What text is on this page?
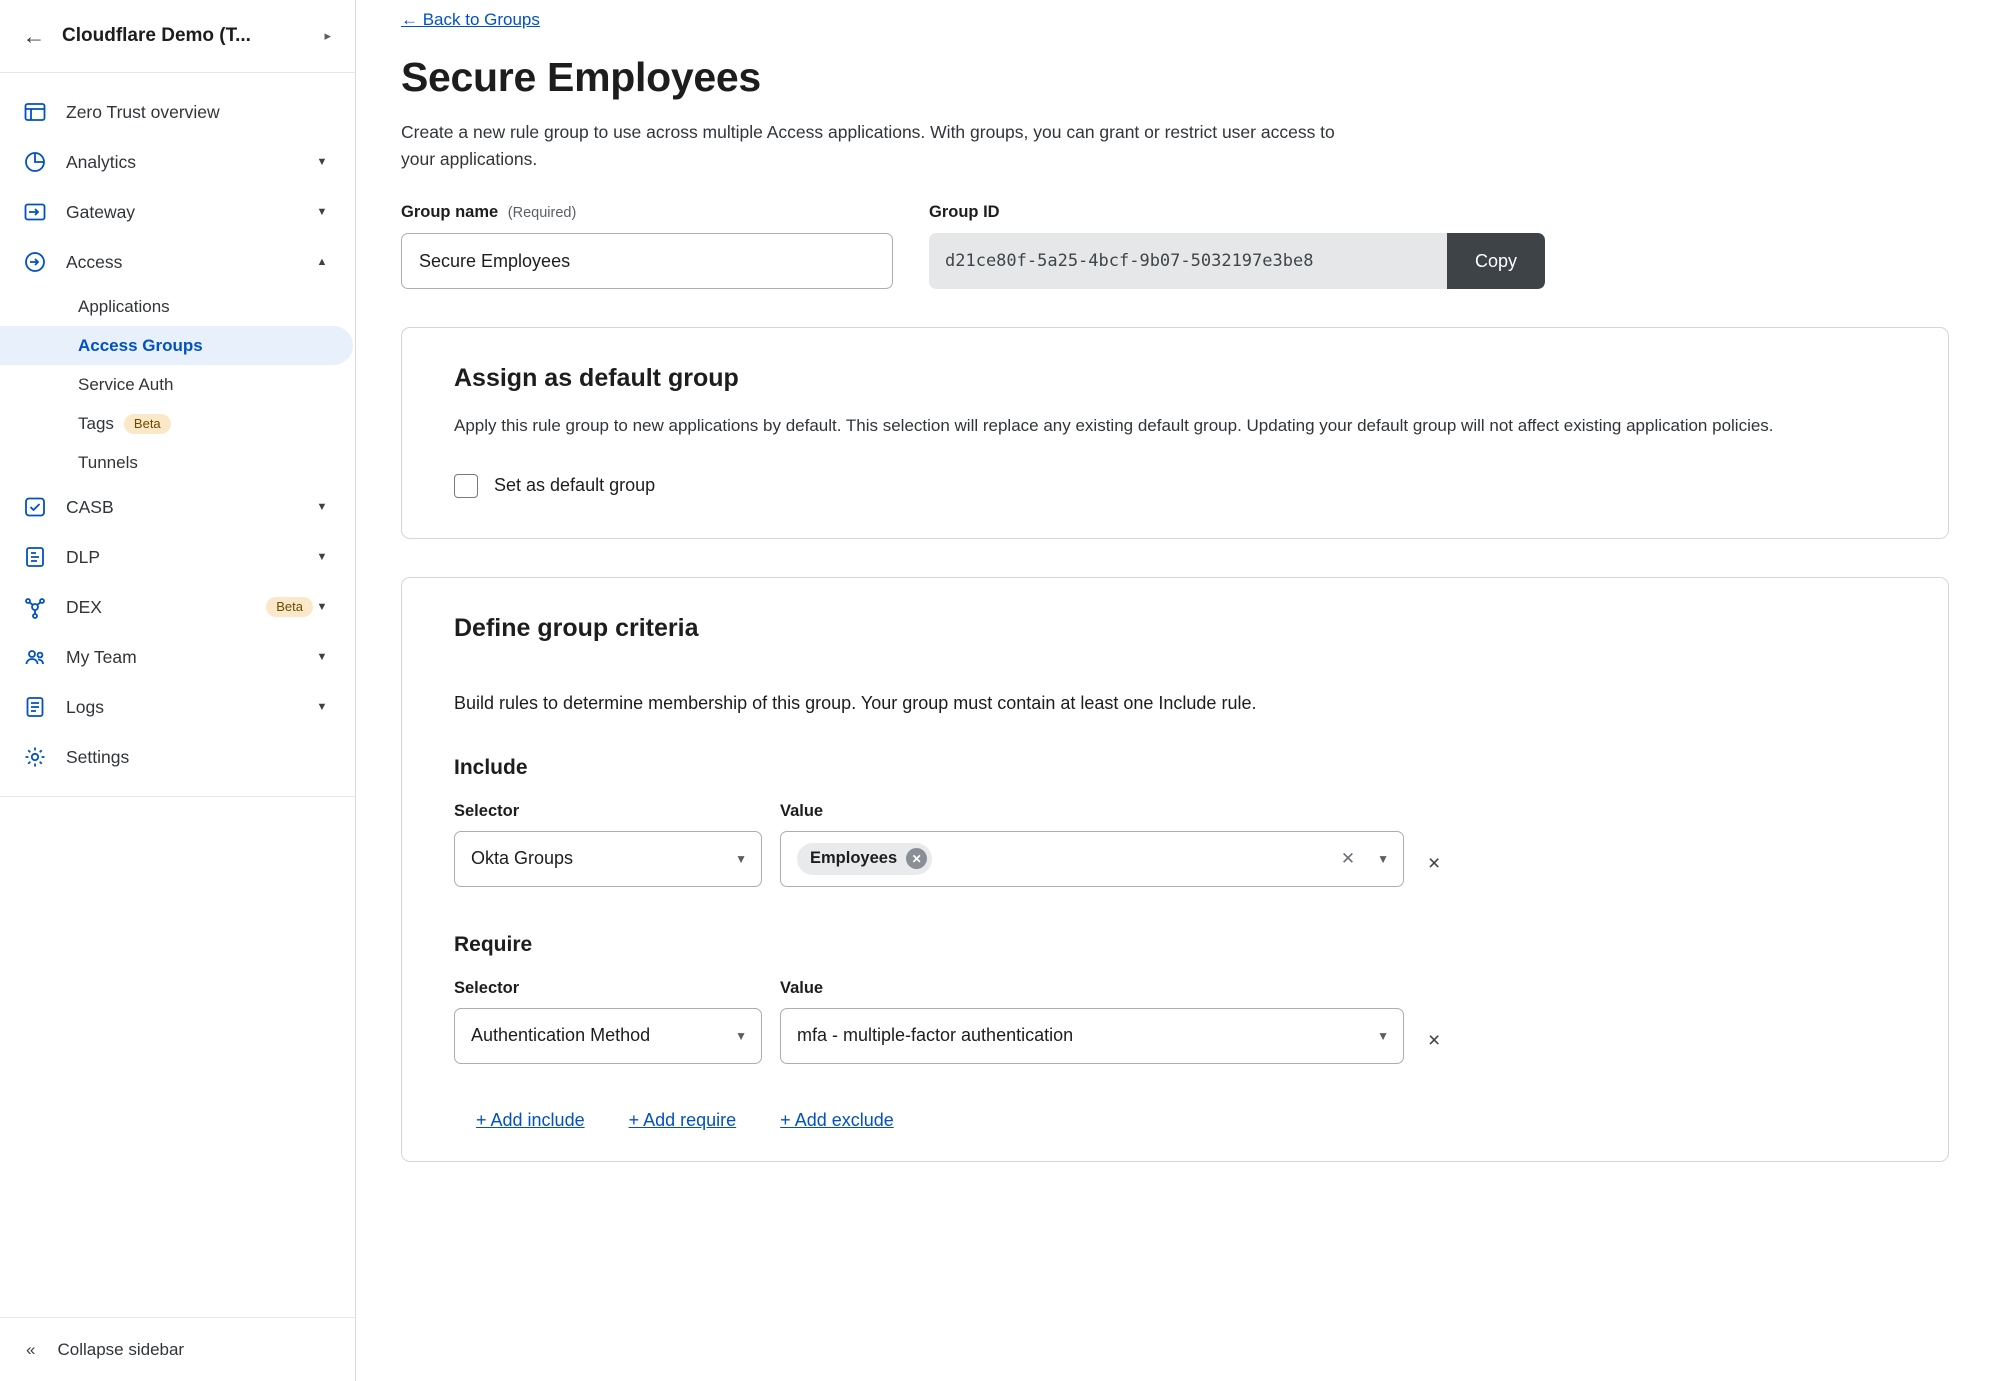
← Cloudflare Demo (T...	▸
Zero Trust overview
Analytics	▼
Gateway	▼
Access	▲
Applications
Access Groups
Service Auth
Tags	Beta
Tunnels
CASB	▼
DLP	▼
DEX	Beta	▼
My Team	▼
Logs	▼
Settings
« Collapse sidebar
← Back to Groups
Secure Employees
Create a new rule group to use across multiple Access applications. With groups, you can grant or restrict user access to your applications.
Group name (Required)
Secure Employees	Group ID
d21ce80f-5a25-4bcf-9b07-5032197e3be8	Copy
Assign as default group

Apply this rule group to new applications by default. This selection will replace any existing default group. Updating your default group will not affect existing application policies.

Set as default group
Define group criteria

Build rules to determine membership of this group. Your group must contain at least one Include rule.

Include
Selector
Okta Groups	▼
Value
Employees	✕	✕ ▼ ×
Require
Selector
Authentication Method	▼
Value
mfa - multiple-factor authentication	▼ ×
+ Add include + Add require + Add exclude
